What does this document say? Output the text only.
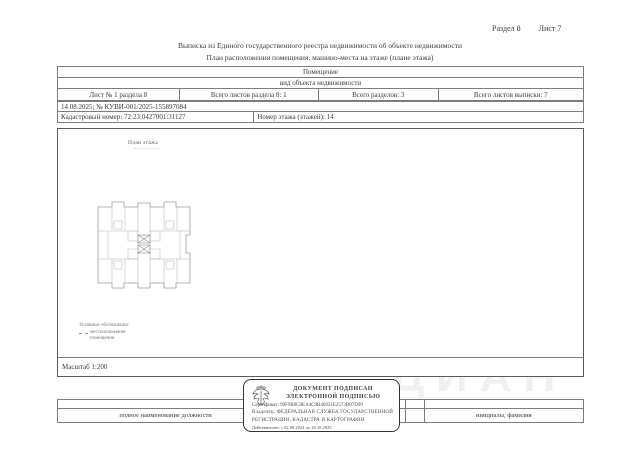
Раздел 8 Лист 7
Выписка из Единого государственного реестра недвижимости об объекте недвижимости
План расположения помещения, машино-места на этаже (плане этажа)
Помещение
вид объекта недвижимости
Лист № 1 раздела 8	Всего листов раздела 8: 1	Всего разделов: 3	Всего листов выписки: 7
14.08.2025; № КУВИ-001/2025-155897084
Кадастровый номер: 72:23:0427001:31127	Номер этажа (этажей): 14
План этажа
Условные обозначения:
местоположение помещения
Масштаб 1:200
полное наименование должности	инициалы, фамилия
ДОКУМЕНТ ПОДПИСАН
ЭЛЕКТРОННОЙ ПОДПИСЬЮ
Сертификат: 99F9B0C0EA4C9B46931E2573B07D99
Владелец: ФЕДЕРАЛЬНАЯ СЛУЖБА ГОСУДАРСТВЕННОЙ
РЕГИСТРАЦИИ, КАДАСТРА И КАРТОГРАФИИ
Действителен: с 02.08.2024 по 26.10.2025
